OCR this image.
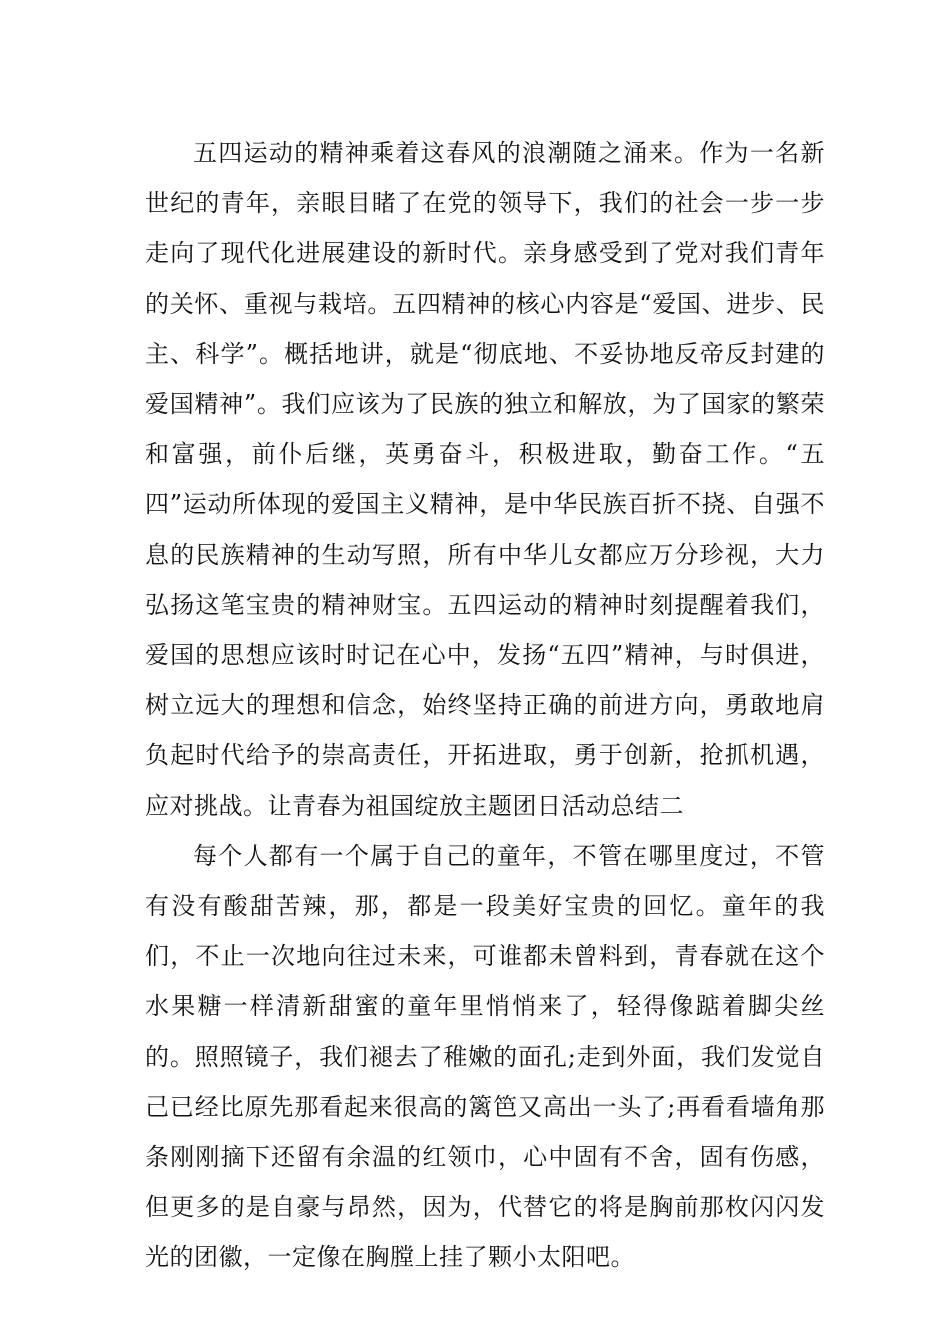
五四运动的精神乘着这春风的浪潮随之涌来。作为一名新世纪的青年，亲眼目睹了在党的领导下，我们的社会一步一步走向了现代化进展建设的新时代。亲身感受到了党对我们青年的关怀、重视与栽培。五四精神的核心内容是“爱国、进步、民主、科学”。概括地讲，就是“彻底地、不妥协地反帝反封建的爱国精神”。我们应该为了民族的独立和解放，为了国家的繁荣和富强，前仆后继，英勇奋斗，积极进取，勤奋工作。“五四”运动所体现的爱国主义精神，是中华民族百折不挠、自强不息的民族精神的生动写照，所有中华儿女都应万分珍视，大力弘扬这笔宝贵的精神财宝。五四运动的精神时刻提醒着我们，爱国的思想应该时时记在心中，发扬“五四”精神，与时俱进，树立远大的理想和信念，始终坚持正确的前进方向，勇敢地肩负起时代给予的崇高责任，开拓进取，勇于创新，抢抓机遇，应对挑战。让青春为祖国绽放主题团日活动总结二

每个人都有一个属于自己的童年，不管在哪里度过，不管有没有酸甜苦辣，那，都是一段美好宝贵的回忆。童年的我们，不止一次地向往过未来，可谁都未曾料到，青春就在这个水果糖一样清新甜蜜的童年里悄悄来了，轻得像踮着脚尖丝的。照照镜子，我们褪去了稚嫩的面孔;走到外面，我们发觉自己已经比原先那看起来很高的篱笆又高出一头了;再看看墙角那条刚刚摘下还留有余温的红领巾，心中固有不舍，固有伤感，但更多的是自豪与昂然，因为，代替它的将是胸前那枚闪闪发光的团徽，一定像在胸膛上挂了颗小太阳吧。
